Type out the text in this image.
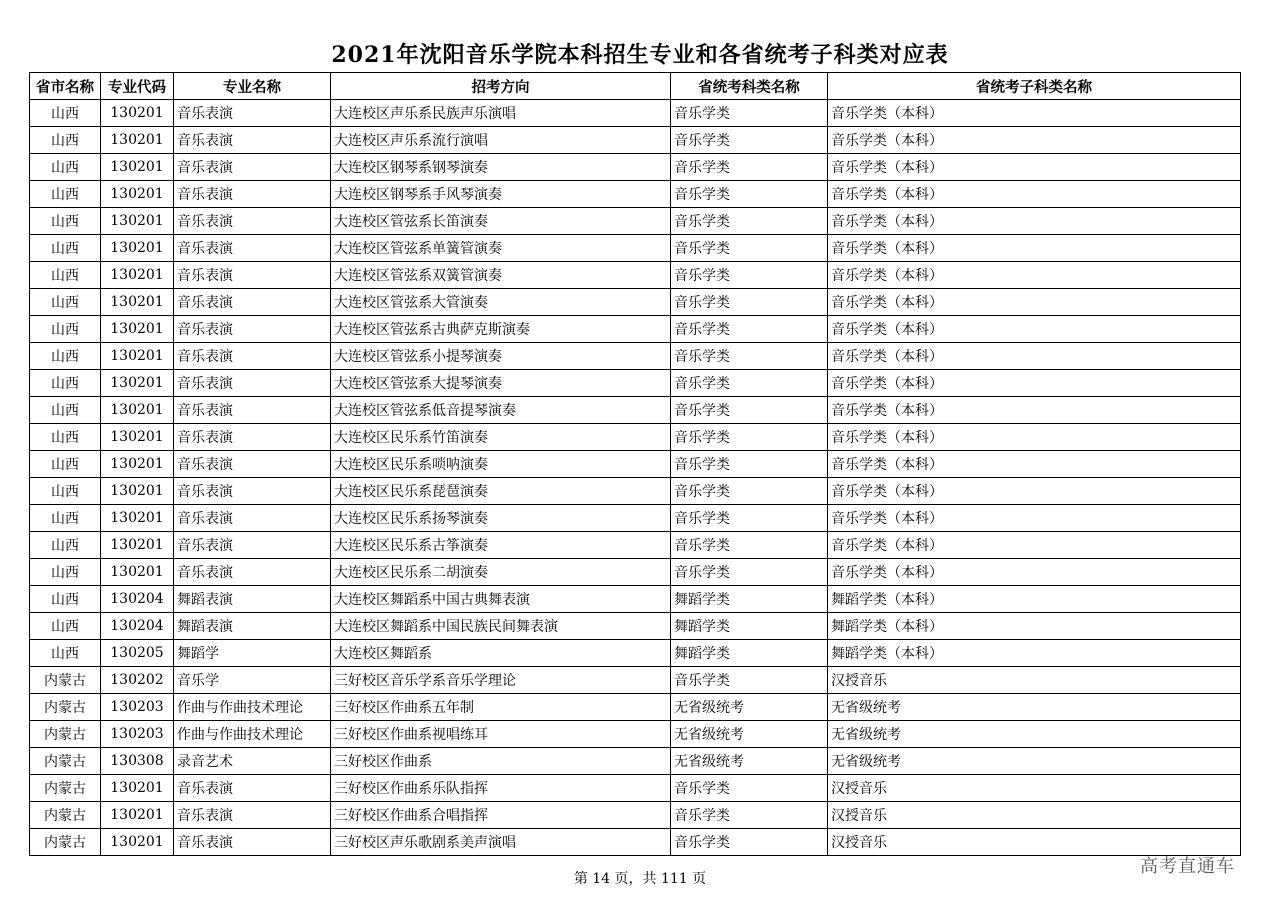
2021年沈阳音乐学院本科招生专业和各省统考子科类对应表
省市名称	专业代码	专业名称	招考方向	省统考科类名称	省统考子科类名称
山西	130201	音乐表演	大连校区声乐系民族声乐演唱	音乐学类	音乐学类（本科）
山西	130201	音乐表演	大连校区声乐系流行演唱	音乐学类	音乐学类（本科）
山西	130201	音乐表演	大连校区钢琴系钢琴演奏	音乐学类	音乐学类（本科）
山西	130201	音乐表演	大连校区钢琴系手风琴演奏	音乐学类	音乐学类（本科）
山西	130201	音乐表演	大连校区管弦系长笛演奏	音乐学类	音乐学类（本科）
山西	130201	音乐表演	大连校区管弦系单簧管演奏	音乐学类	音乐学类（本科）
山西	130201	音乐表演	大连校区管弦系双簧管演奏	音乐学类	音乐学类（本科）
山西	130201	音乐表演	大连校区管弦系大管演奏	音乐学类	音乐学类（本科）
山西	130201	音乐表演	大连校区管弦系古典萨克斯演奏	音乐学类	音乐学类（本科）
山西	130201	音乐表演	大连校区管弦系小提琴演奏	音乐学类	音乐学类（本科）
山西	130201	音乐表演	大连校区管弦系大提琴演奏	音乐学类	音乐学类（本科）
山西	130201	音乐表演	大连校区管弦系低音提琴演奏	音乐学类	音乐学类（本科）
山西	130201	音乐表演	大连校区民乐系竹笛演奏	音乐学类	音乐学类（本科）
山西	130201	音乐表演	大连校区民乐系唢呐演奏	音乐学类	音乐学类（本科）
山西	130201	音乐表演	大连校区民乐系琵琶演奏	音乐学类	音乐学类（本科）
山西	130201	音乐表演	大连校区民乐系扬琴演奏	音乐学类	音乐学类（本科）
山西	130201	音乐表演	大连校区民乐系古筝演奏	音乐学类	音乐学类（本科）
山西	130201	音乐表演	大连校区民乐系二胡演奏	音乐学类	音乐学类（本科）
山西	130204	舞蹈表演	大连校区舞蹈系中国古典舞表演	舞蹈学类	舞蹈学类（本科）
山西	130204	舞蹈表演	大连校区舞蹈系中国民族民间舞表演	舞蹈学类	舞蹈学类（本科）
山西	130205	舞蹈学	大连校区舞蹈系	舞蹈学类	舞蹈学类（本科）
内蒙古	130202	音乐学	三好校区音乐学系音乐学理论	音乐学类	汉授音乐
内蒙古	130203	作曲与作曲技术理论	三好校区作曲系五年制	无省级统考	无省级统考
内蒙古	130203	作曲与作曲技术理论	三好校区作曲系视唱练耳	无省级统考	无省级统考
内蒙古	130308	录音艺术	三好校区作曲系	无省级统考	无省级统考
内蒙古	130201	音乐表演	三好校区作曲系乐队指挥	音乐学类	汉授音乐
内蒙古	130201	音乐表演	三好校区作曲系合唱指挥	音乐学类	汉授音乐
内蒙古	130201	音乐表演	三好校区声乐歌剧系美声演唱	音乐学类	汉授音乐
第 14 页，共 111 页
高考直通车
